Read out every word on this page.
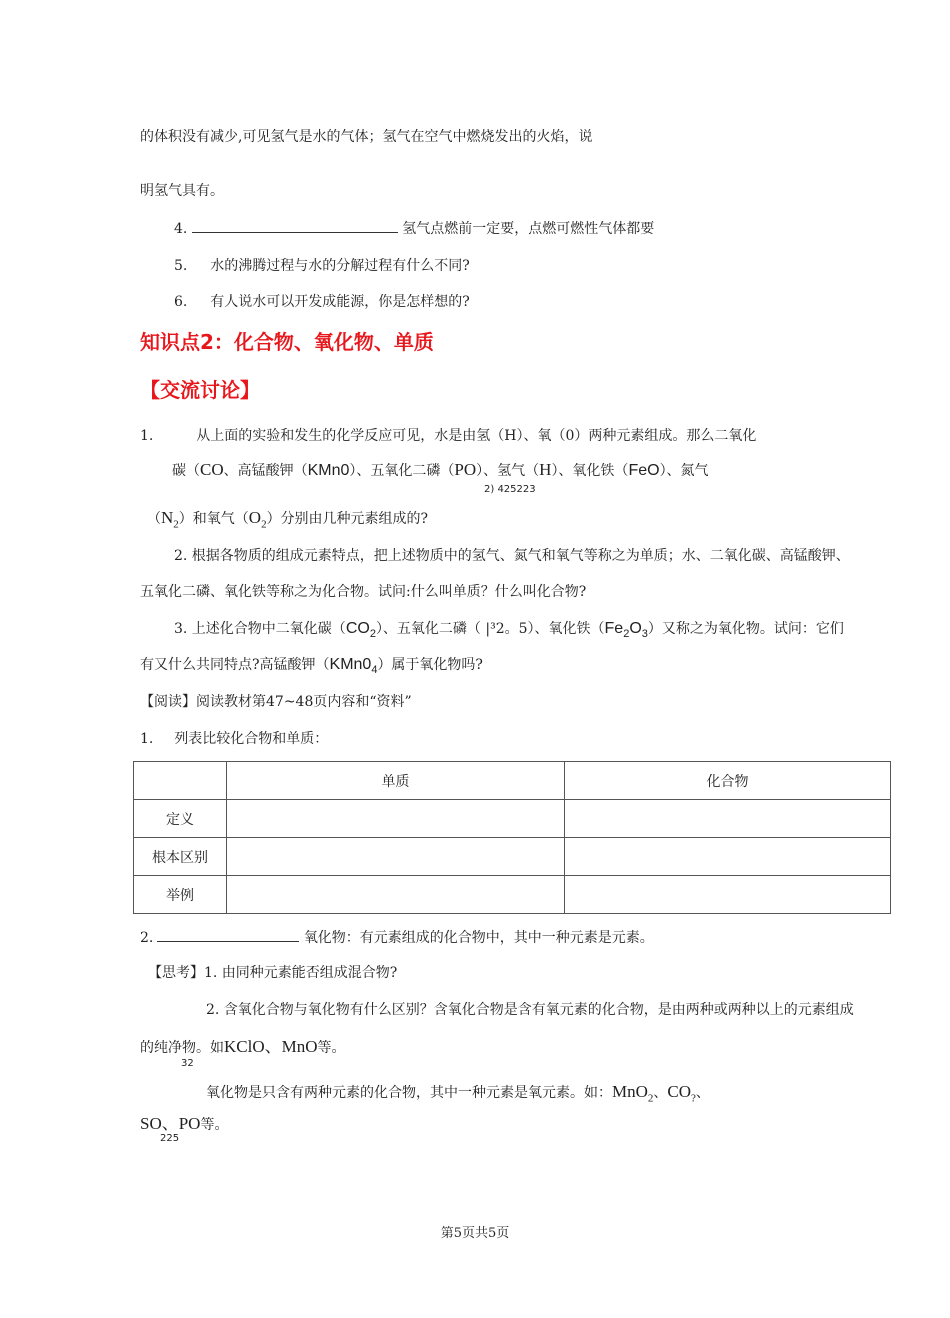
的体积没有减少,可见氢气是水的气体；氢气在空气中燃烧发出的火焰，说
明氢气具有。
4.	氢气点燃前一定要，点燃可燃性气体都要
5. 水的沸腾过程与水的分解过程有什么不同?
6. 有人说水可以开发成能源，你是怎样想的?
知识点2：化合物、氧化物、单质
【交流讨论】
1.	从上面的实验和发生的化学反应可见，水是由氢（H）、氧（0）两种元素组成。那么二氧化
碳（CO、高锰酸钾（KMn0）、五氧化二磷（PO）、氢气（H）、氧化铁（FeO）、氮气
2) 425223
$(N_2)$和氧气$(O_2)$分别由几种元素组成的?
2. 根据各物质的组成元素特点，把上述物质中的氢气、氮气和氧气等称之为单质；水、二氧化碳、高锰酸钾、
五氧化二磷、氧化铁等称之为化合物。试问:什么叫单质？什么叫化合物?
3. 上述化合物中二氧化碳$(CO_2)$、五氧化二磷（ |³2。5）、氧化铁$(Fe_2O_3)$又称之为氧化物。试问：它们
有又什么共同特点?高锰酸钾$(KMn0_4)$属于氧化物吗?
【阅读】阅读教材第47~48页内容和“资料”
1. 列表比较化合物和单质：
	单质	化合物
定义		
根本区别		
举例		
2.	氧化物：有元素组成的化合物中，其中一种元素是元素。
【思考】1. 由同种元素能否组成混合物?
2. 含氧化合物与氧化物有什么区别？含氧化合物是含有氧元素的化合物，是由两种或两种以上的元素组成
的纯净物。如KClO、MnO等。
32
氧化物是只含有两种元素的化合物，其中一种元素是氧元素。如：MnO$_2$、$CO_?$、
SO、PO等。
225
第5页共5页
